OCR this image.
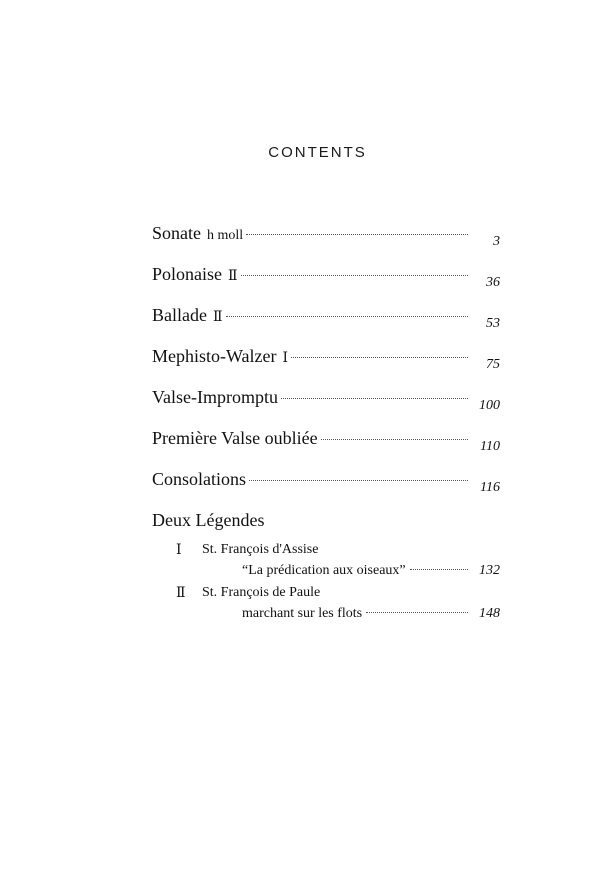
CONTENTS
Sonate h moll	3
Polonaise Ⅱ	36
Ballade Ⅱ	53
Mephisto-Walzer Ⅰ	75
Valse-Impromptu	100
Première Valse oubliée	110
Consolations	116
Deux Légendes
Ⅰ	St. François d'Assise
“La prédication aux oiseaux”	132
Ⅱ	St. François de Paule
marchant sur les flots	148
